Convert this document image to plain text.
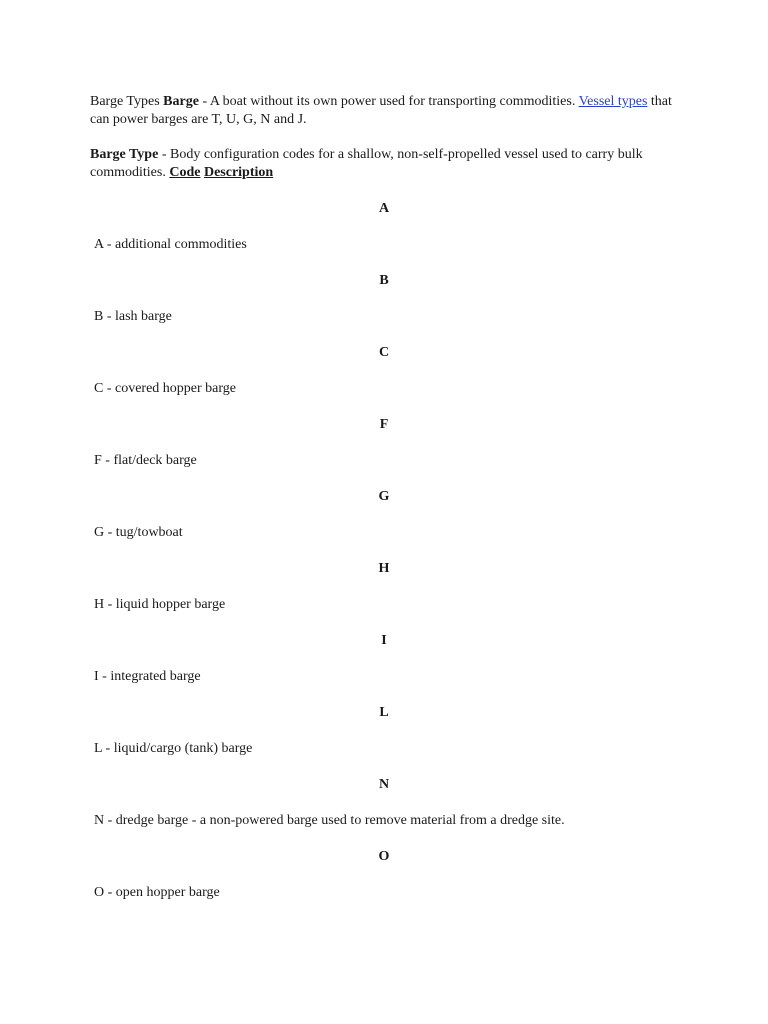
Barge Types Barge - A boat without its own power used for transporting commodities. Vessel types that can power barges are T, U, G, N and J.

Barge Type - Body configuration codes for a shallow, non-self-propelled vessel used to carry bulk commodities. Code Description

A
A - additional commodities
B
B - lash barge
C
C - covered hopper barge
F
F - flat/deck barge
G
G - tug/towboat
H
H - liquid hopper barge
I
I - integrated barge
L
L - liquid/cargo (tank) barge
N
N - dredge barge - a non-powered barge used to remove material from a dredge site.
O
O - open hopper barge
